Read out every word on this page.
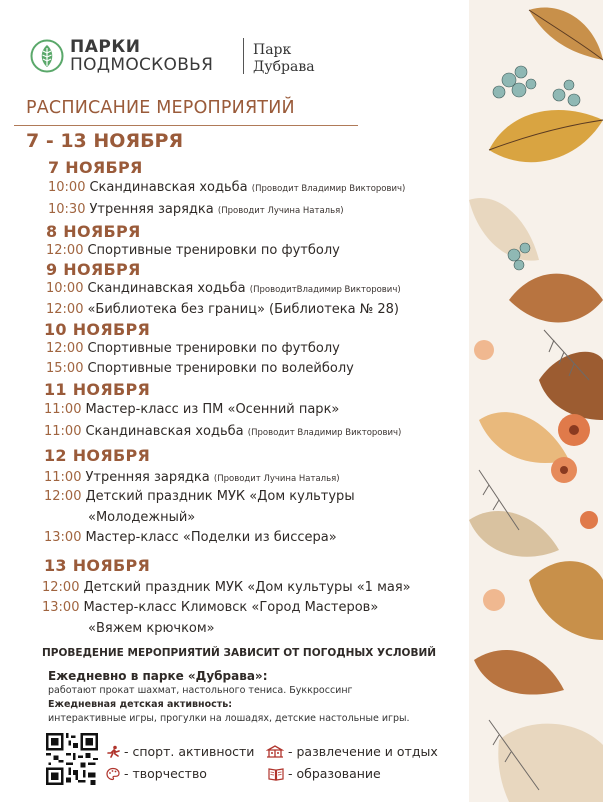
ПАРКИ
ПОДМОСКОВЬЯ
Парк
Дубрава
РАСПИСАНИЕ МЕРОПРИЯТИЙ
7 - 13 НОЯБРЯ
7 НОЯБРЯ
10:00 Скандинавская ходьба (Проводит Владимир Викторович)
10:30 Утренняя зарядка (Проводит Лучина Наталья)
8 НОЯБРЯ
12:00 Спортивные тренировки по футболу
9 НОЯБРЯ
10:00 Скандинавская ходьба (ПроводитВладимир Викторович)
12:00 «Библиотека без границ» (Библиотека № 28)
10 НОЯБРЯ
12:00 Спортивные тренировки по футболу
15:00 Спортивные тренировки по волейболу
11 НОЯБРЯ
11:00 Мастер-класс из ПМ «Осенний парк»
11:00 Скандинавская ходьба (Проводит Владимир Викторович)
12 НОЯБРЯ
11:00 Утренняя зарядка (Проводит Лучина Наталья)
12:00 Детский праздник МУК «Дом культуры
«Молодежный»
13:00 Мастер-класс «Поделки из биссера»
13 НОЯБРЯ
12:00 Детский праздник МУК «Дом культуры «1 мая»
13:00 Мастер-класс Климовск «Город Мастеров»
«Вяжем крючком»
ПРОВЕДЕНИЕ МЕРОПРИЯТИЙ ЗАВИСИТ ОТ ПОГОДНЫХ УСЛОВИЙ
Ежедневно в парке «Дубрава»:
работают прокат шахмат, настольного тениса. Буккроссинг
Ежедневная детская активность:
интерактивные игры, прогулки на лошадях, детские настольные игры.
- спорт. активности	- развлечение и отдых
- творчество	- образование
